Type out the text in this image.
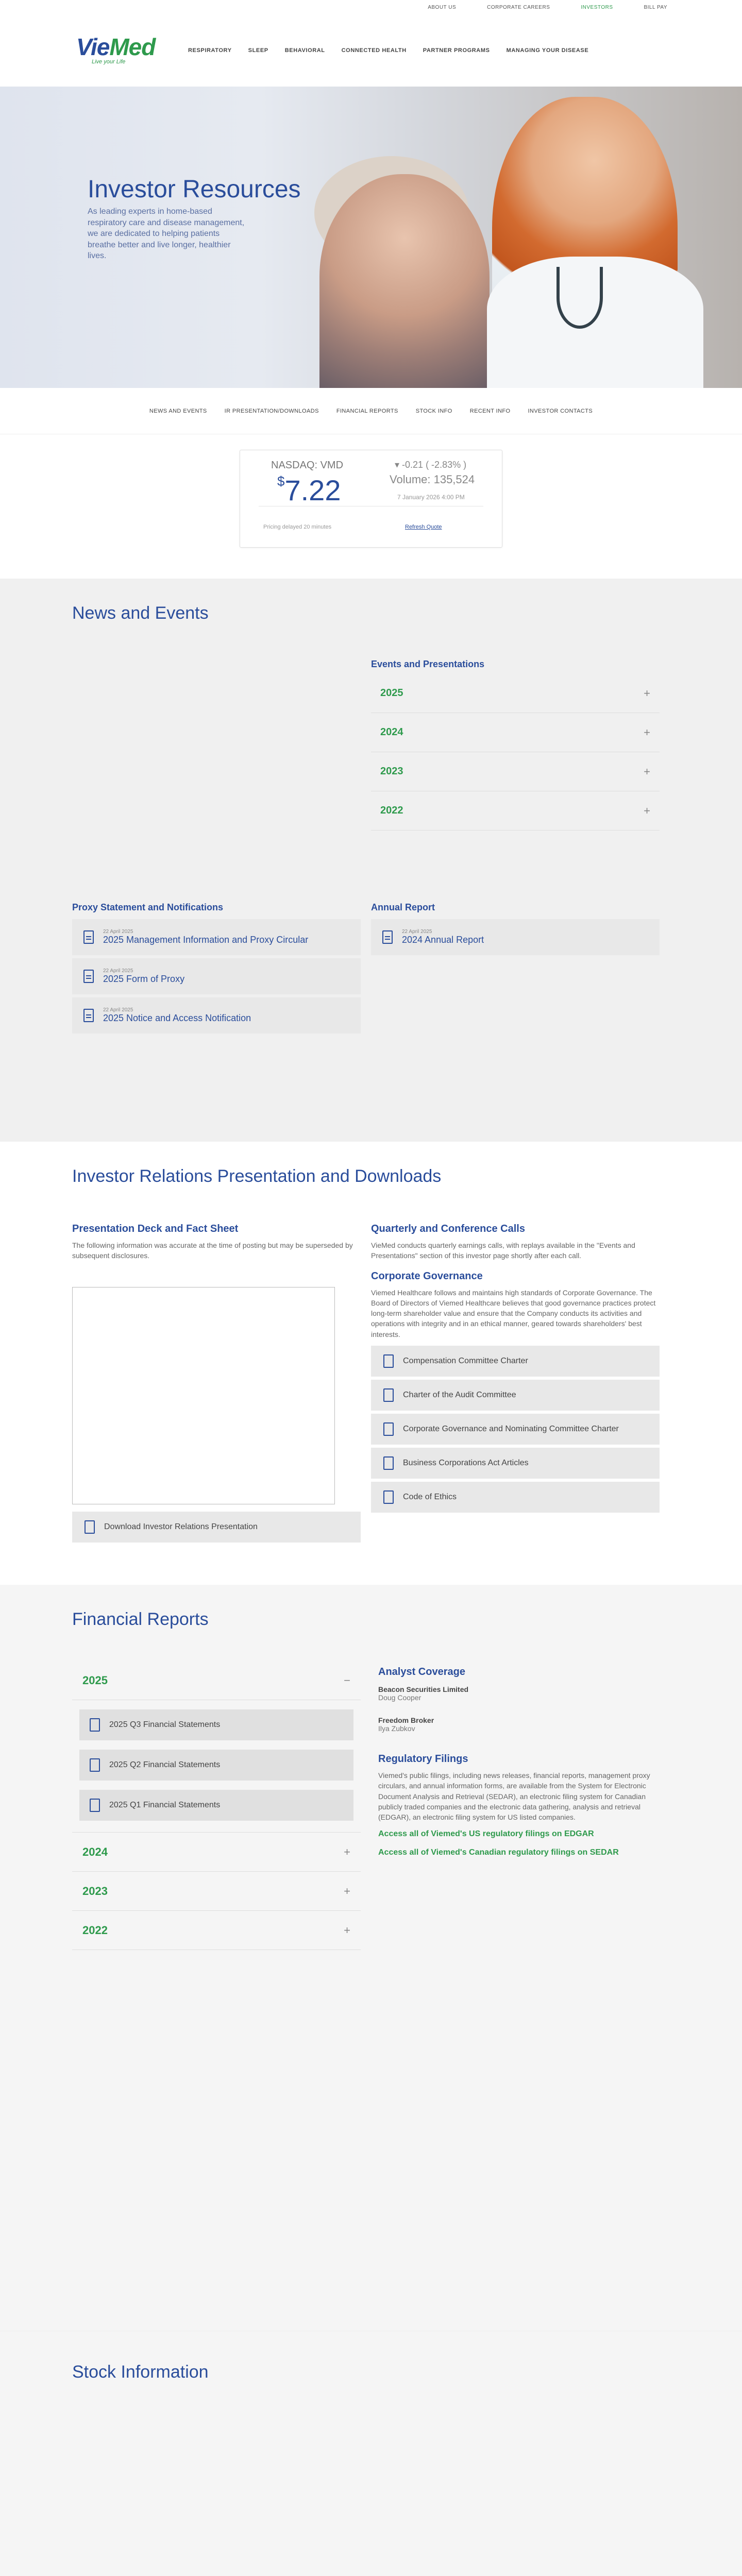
ABOUT US	CORPORATE CAREERS	INVESTORS	BILL PAY
VieMed
Live your Life
RESPIRATORY	SLEEP	BEHAVIORAL	CONNECTED HEALTH	PARTNER PROGRAMS	MANAGING YOUR DISEASE
Investor Resources

As leading experts in home-based respiratory care and disease management, we are dedicated to helping patients breathe better and live longer, healthier lives.

NEWS AND EVENTS	IR PRESENTATION/DOWNLOADS	FINANCIAL REPORTS	STOCK INFO	RECENT INFO	INVESTOR CONTACTS
NASDAQ: VMD
$7.22
▾ -0.21 ( -2.83% )
Volume: 135,524
7 January 2026 4:00 PM
Pricing delayed 20 minutes	Refresh Quote
News and Events
Events and Presentations
2025	+
2024	+
2023	+
2022	+
Proxy Statement and Notifications
22 April 2025
2025 Management Information and Proxy Circular
22 April 2025
2025 Form of Proxy
22 April 2025
2025 Notice and Access Notification
Annual Report
22 April 2025
2024 Annual Report
Investor Relations Presentation and Downloads
Presentation Deck and Fact Sheet
The following information was accurate at the time of posting but may be superseded by subsequent disclosures.
Download Investor Relations Presentation
Quarterly and Conference Calls
VieMed conducts quarterly earnings calls, with replays available in the "Events and Presentations" section of this investor page shortly after each call.
Corporate Governance
Viemed Healthcare follows and maintains high standards of Corporate Governance. The Board of Directors of Viemed Healthcare believes that good governance practices protect long-term shareholder value and ensure that the Company conducts its activities and operations with integrity and in an ethical manner, geared towards shareholders' best interests.
Compensation Committee Charter
Charter of the Audit Committee
Corporate Governance and Nominating Committee Charter
Business Corporations Act Articles
Code of Ethics
Financial Reports
2025	−
2025 Q3 Financial Statements
2025 Q2 Financial Statements
2025 Q1 Financial Statements
2024	+
2023	+
2022	+
Analyst Coverage
Beacon Securities Limited
Doug Cooper
Freedom Broker
Ilya Zubkov
Regulatory Filings
Viemed's public filings, including news releases, financial reports, management proxy circulars, and annual information forms, are available from the System for Electronic Document Analysis and Retrieval (SEDAR), an electronic filing system for Canadian publicly traded companies and the electronic data gathering, analysis and retrieval (EDGAR), an electronic filing system for US listed companies.
Access all of Viemed's US regulatory filings on EDGAR
Access all of Viemed's Canadian regulatory filings on SEDAR
Stock Information
